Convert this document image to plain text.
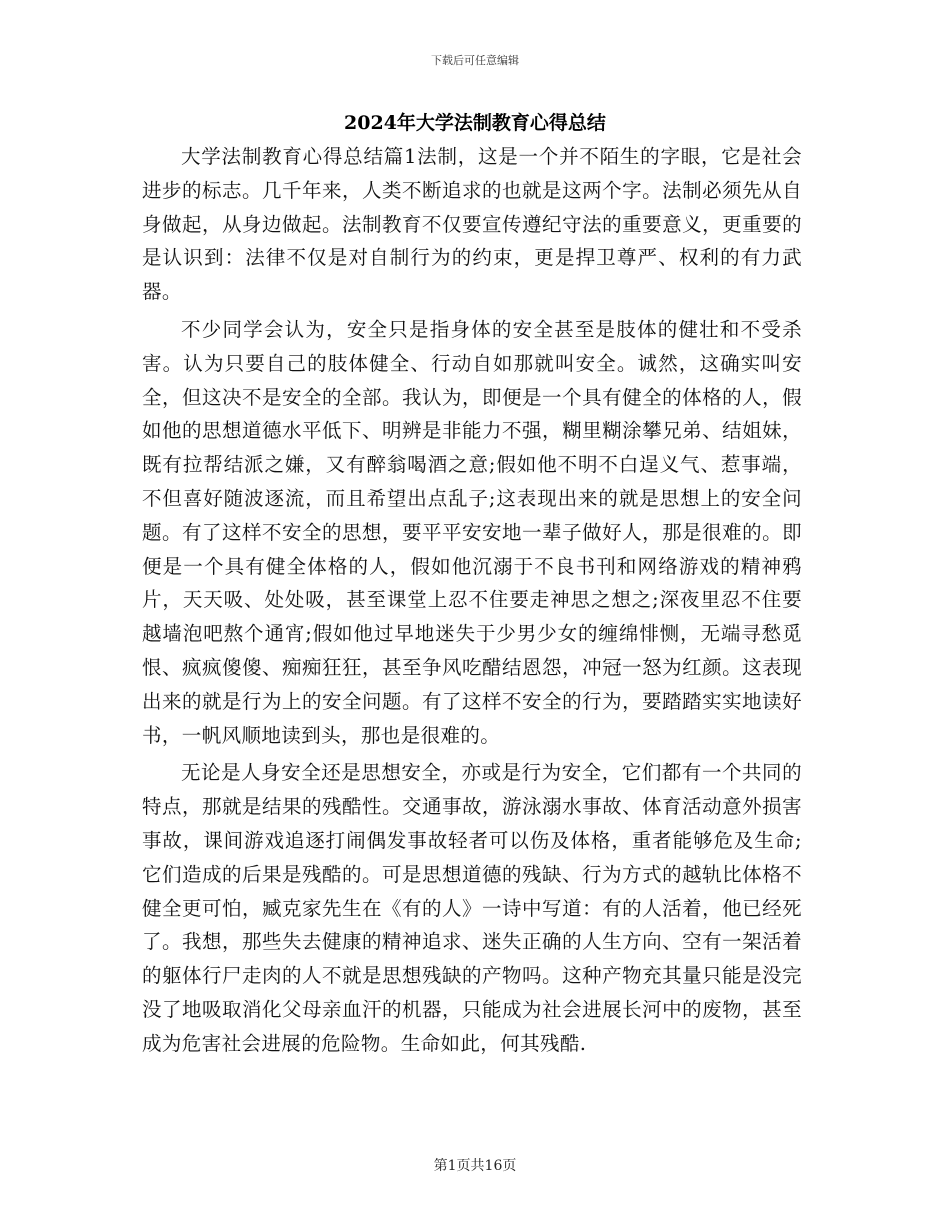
下载后可任意编辑
2024年大学法制教育心得总结

大学法制教育心得总结篇1法制，这是一个并不陌生的字眼，它是社会进步的标志。几千年来，人类不断追求的也就是这两个字。法制必须先从自身做起，从身边做起。法制教育不仅要宣传遵纪守法的重要意义，更重要的是认识到：法律不仅是对自制行为的约束，更是捍卫尊严、权利的有力武器。

不少同学会认为，安全只是指身体的安全甚至是肢体的健壮和不受杀害。认为只要自己的肢体健全、行动自如那就叫安全。诚然，这确实叫安全，但这决不是安全的全部。我认为，即便是一个具有健全的体格的人，假如他的思想道德水平低下、明辨是非能力不强，糊里糊涂攀兄弟、结姐妹，既有拉帮结派之嫌，又有醉翁喝酒之意;假如他不明不白逞义气、惹事端，不但喜好随波逐流，而且希望出点乱子;这表现出来的就是思想上的安全问题。有了这样不安全的思想，要平平安安地一辈子做好人，那是很难的。即便是一个具有健全体格的人，假如他沉溺于不良书刊和网络游戏的精神鸦片，天天吸、处处吸，甚至课堂上忍不住要走神思之想之;深夜里忍不住要越墙泡吧熬个通宵;假如他过早地迷失于少男少女的缠绵悱恻，无端寻愁觅恨、疯疯傻傻、痴痴狂狂，甚至争风吃醋结恩怨，冲冠一怒为红颜。这表现出来的就是行为上的安全问题。有了这样不安全的行为，要踏踏实实地读好书，一帆风顺地读到头，那也是很难的。

无论是人身安全还是思想安全，亦或是行为安全，它们都有一个共同的特点，那就是结果的残酷性。交通事故，游泳溺水事故、体育活动意外损害事故，课间游戏追逐打闹偶发事故轻者可以伤及体格，重者能够危及生命;它们造成的后果是残酷的。可是思想道德的残缺、行为方式的越轨比体格不健全更可怕，臧克家先生在《有的人》一诗中写道：有的人活着，他已经死了。我想，那些失去健康的精神追求、迷失正确的人生方向、空有一架活着的躯体行尸走肉的人不就是思想残缺的产物吗。这种产物充其量只能是没完没了地吸取消化父母亲血汗的机器，只能成为社会进展长河中的废物，甚至成为危害社会进展的危险物。生命如此，何其残酷.

第1页共16页
